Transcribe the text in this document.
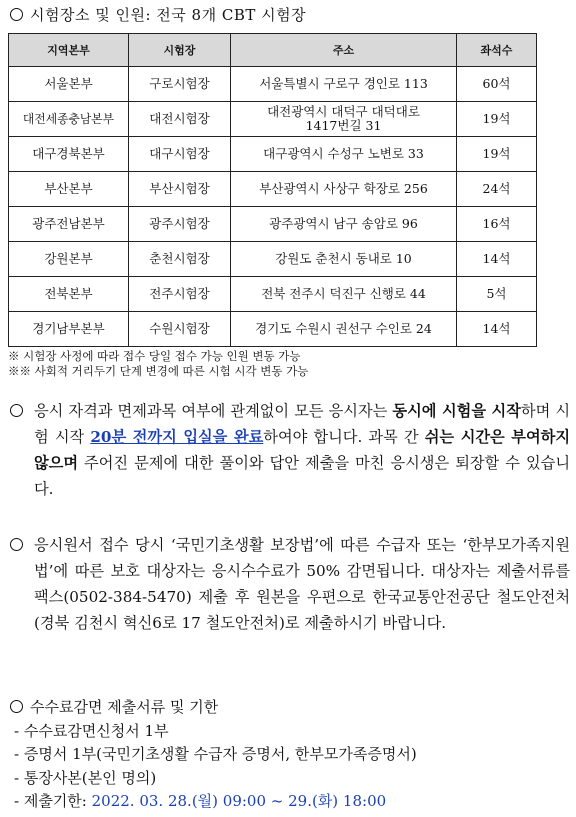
시험장소 및 인원: 전국 8개 CBT 시험장
지역본부	시험장	주소	좌석수
서울본부	구로시험장	서울특별시 구로구 경인로 113	60석
대전세종충남본부	대전시험장	대전광역시 대덕구 대덕대로 1417번길 31	19석
대구경북본부	대구시험장	대구광역시 수성구 노변로 33	19석
부산본부	부산시험장	부산광역시 사상구 학장로 256	24석
광주전남본부	광주시험장	광주광역시 남구 송암로 96	16석
강원본부	춘천시험장	강원도 춘천시 동내로 10	14석
전북본부	전주시험장	전북 전주시 덕진구 신행로 44	5석
경기남부본부	수원시험장	경기도 수원시 권선구 수인로 24	14석
※ 시험장 사정에 따라 접수 당일 접수 가능 인원 변동 가능
※※ 사회적 거리두기 단계 변경에 따른 시험 시각 변동 가능
응시 자격과 면제과목 여부에 관계없이 모든 응시자는 동시에 시험을 시작하며 시험 시작 20분 전까지 입실을 완료하여야 합니다. 과목 간 쉬는 시간은 부여하지 않으며 주어진 문제에 대한 풀이와 답안 제출을 마친 응시생은 퇴장할 수 있습니다.
응시원서 접수 당시 ‘국민기초생활 보장법’에 따른 수급자 또는 ‘한부모가족지원법’에 따른 보호 대상자는 응시수수료가 50% 감면됩니다. 대상자는 제출서류를 팩스(0502-384-5470) 제출 후 원본을 우편으로 한국교통안전공단 철도안전처(경북 김천시 혁신6로 17 철도안전처)로 제출하시기 바랍니다.
수수료감면 제출서류 및 기한
- 수수료감면신청서 1부
- 증명서 1부(국민기초생활 수급자 증명서, 한부모가족증명서)
- 통장사본(본인 명의)
- 제출기한: 2022. 03. 28.(월) 09:00 ~ 29.(화) 18:00
